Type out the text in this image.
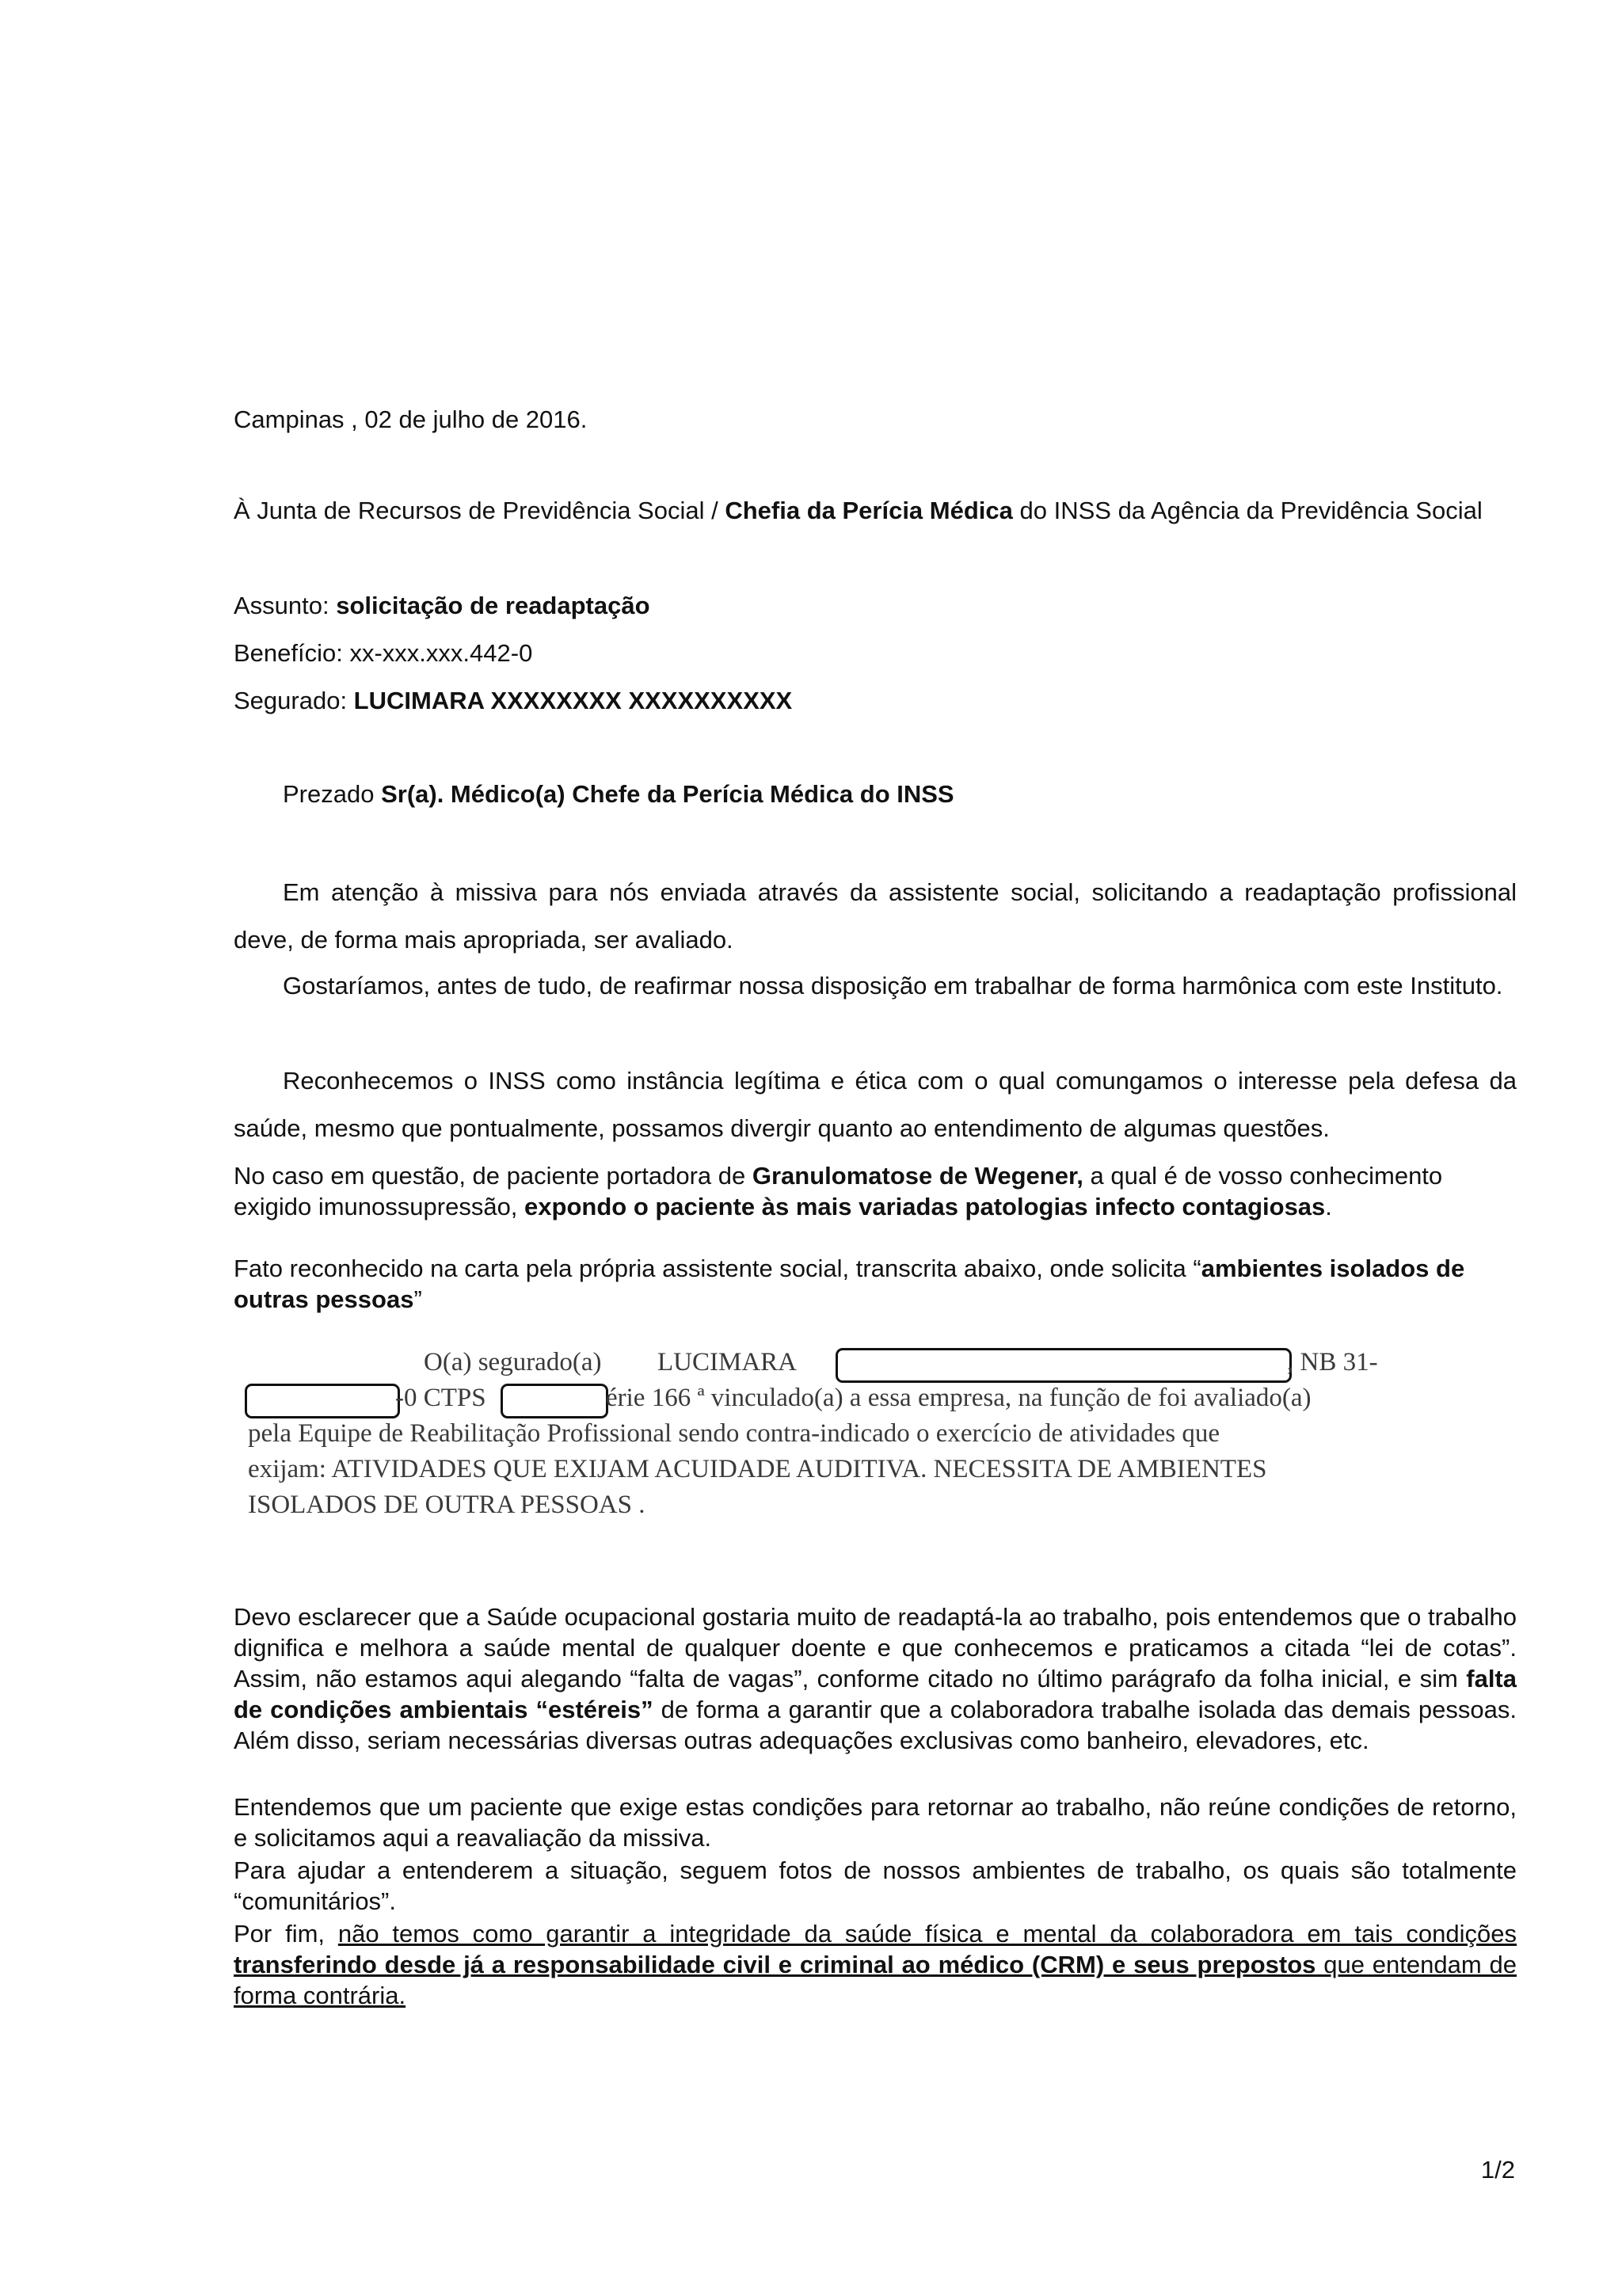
Campinas , 02 de julho de 2016.

À Junta de Recursos de Previdência Social / Chefia da Perícia Médica do INSS da Agência da Previdência Social

Assunto: solicitação de readaptação

Benefício: xx-xxx.xxx.442-0

Segurado: LUCIMARA XXXXXXXX XXXXXXXXXX

Prezado Sr(a). Médico(a) Chefe da Perícia Médica do INSS

Em atenção à missiva para nós enviada através da assistente social, solicitando a readaptação profissional deve, de forma mais apropriada, ser avaliado.

Gostaríamos, antes de tudo, de reafirmar nossa disposição em trabalhar de forma harmônica com este Instituto.

Reconhecemos o INSS como instância legítima e ética com o qual comungamos o interesse pela defesa da saúde, mesmo que pontualmente, possamos divergir quanto ao entendimento de algumas questões.

No caso em questão, de paciente portadora de Granulomatose de Wegener, a qual é de vosso conhecimento exigido imunossupressão, expondo o paciente às mais variadas patologias infecto contagiosas.

Fato reconhecido na carta pela própria assistente social, transcrita abaixo, onde solicita “ambientes isolados de outras pessoas”

O(a) segurado(a) LUCIMARA	, NB 31-
-0 CTPS	érie 166 ª vinculado(a) a essa empresa, na função de foi avaliado(a)
pela Equipe de Reabilitação Profissional sendo contra-indicado o exercício de atividades que
exijam: ATIVIDADES QUE EXIJAM ACUIDADE AUDITIVA. NECESSITA DE AMBIENTES
ISOLADOS DE OUTRA PESSOAS .

Devo esclarecer que a Saúde ocupacional gostaria muito de readaptá-la ao trabalho, pois entendemos que o trabalho dignifica e melhora a saúde mental de qualquer doente e que conhecemos e praticamos a citada “lei de cotas”. Assim, não estamos aqui alegando “falta de vagas”, conforme citado no último parágrafo da folha inicial, e sim falta de condições ambientais “estéreis” de forma a garantir que a colaboradora trabalhe isolada das demais pessoas. Além disso, seriam necessárias diversas outras adequações exclusivas como banheiro, elevadores, etc.

Entendemos que um paciente que exige estas condições para retornar ao trabalho, não reúne condições de retorno, e solicitamos aqui a reavaliação da missiva.

Para ajudar a entenderem a situação, seguem fotos de nossos ambientes de trabalho, os quais são totalmente “comunitários”.

Por fim, não temos como garantir a integridade da saúde física e mental da colaboradora em tais condições transferindo desde já a responsabilidade civil e criminal ao médico (CRM) e seus prepostos que entendam de forma contrária.

1/2
